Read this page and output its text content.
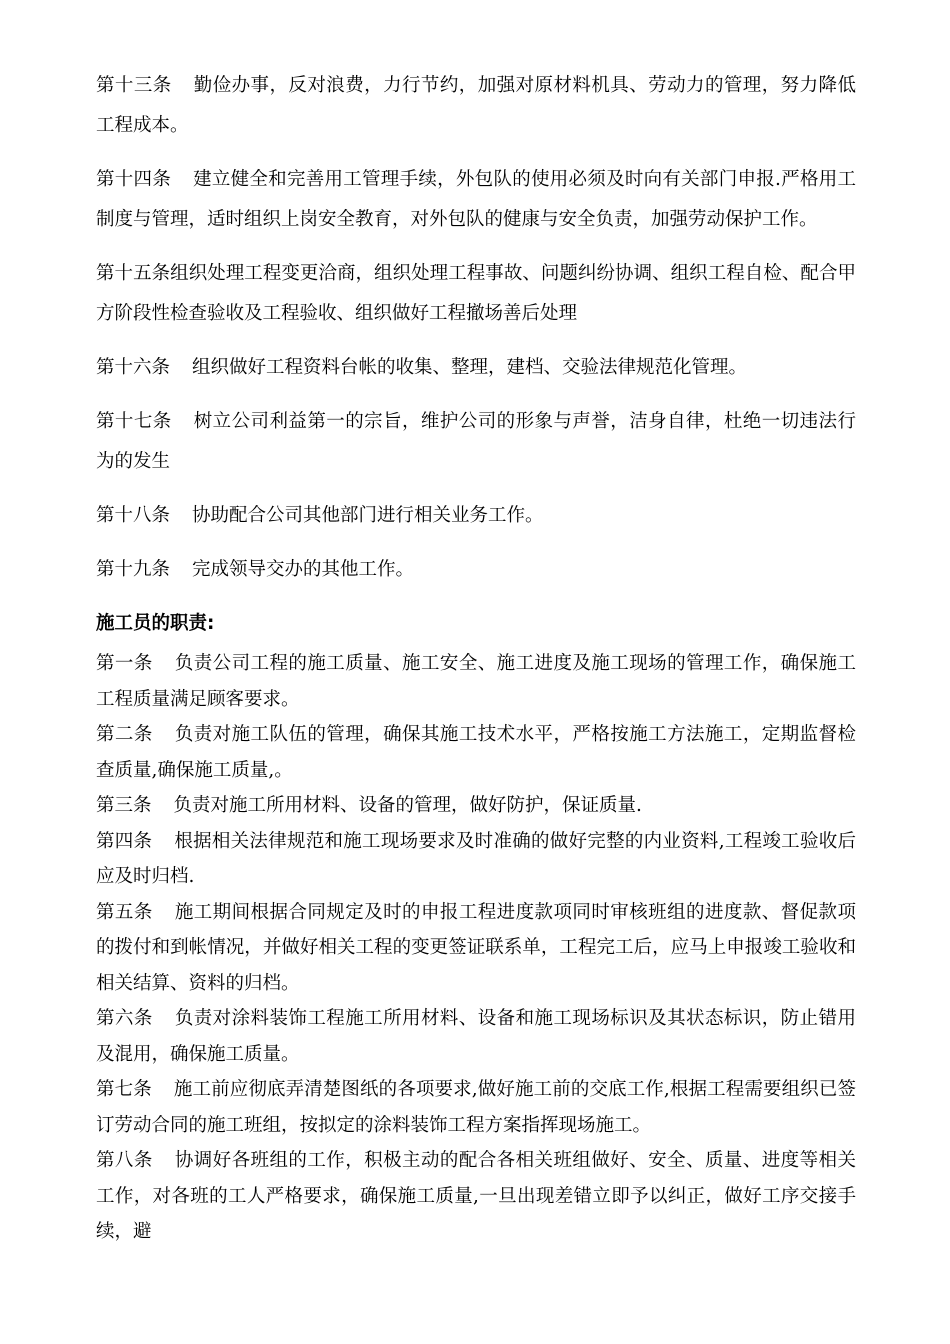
第十三条 勤俭办事，反对浪费，力行节约，加强对原材料机具、劳动力的管理，努力降低工程成本。

第十四条 建立健全和完善用工管理手续，外包队的使用必须及时向有关部门申报.严格用工制度与管理，适时组织上岗安全教育，对外包队的健康与安全负责，加强劳动保护工作。

第十五条组织处理工程变更洽商，组织处理工程事故、问题纠纷协调、组织工程自检、配合甲方阶段性检查验收及工程验收、组织做好工程撤场善后处理

第十六条 组织做好工程资料台帐的收集、整理，建档、交验法律规范化管理。

第十七条 树立公司利益第一的宗旨，维护公司的形象与声誉，洁身自律，杜绝一切违法行为的发生

第十八条 协助配合公司其他部门进行相关业务工作。

第十九条 完成领导交办的其他工作。

施工员的职责:

第一条 负责公司工程的施工质量、施工安全、施工进度及施工现场的管理工作，确保施工工程质量满足顾客要求。

第二条 负责对施工队伍的管理，确保其施工技术水平，严格按施工方法施工，定期监督检查质量,确保施工质量,。

第三条 负责对施工所用材料、设备的管理，做好防护，保证质量.

第四条 根据相关法律规范和施工现场要求及时准确的做好完整的内业资料,工程竣工验收后应及时归档.

第五条 施工期间根据合同规定及时的申报工程进度款项同时审核班组的进度款、督促款项的拨付和到帐情况，并做好相关工程的变更签证联系单，工程完工后，应马上申报竣工验收和相关结算、资料的归档。

第六条 负责对涂料装饰工程施工所用材料、设备和施工现场标识及其状态标识，防止错用及混用，确保施工质量。

第七条 施工前应彻底弄清楚图纸的各项要求,做好施工前的交底工作,根据工程需要组织已签订劳动合同的施工班组，按拟定的涂料装饰工程方案指挥现场施工。

第八条 协调好各班组的工作，积极主动的配合各相关班组做好、安全、质量、进度等相关工作，对各班的工人严格要求，确保施工质量,一旦出现差错立即予以纠正，做好工序交接手续，避
